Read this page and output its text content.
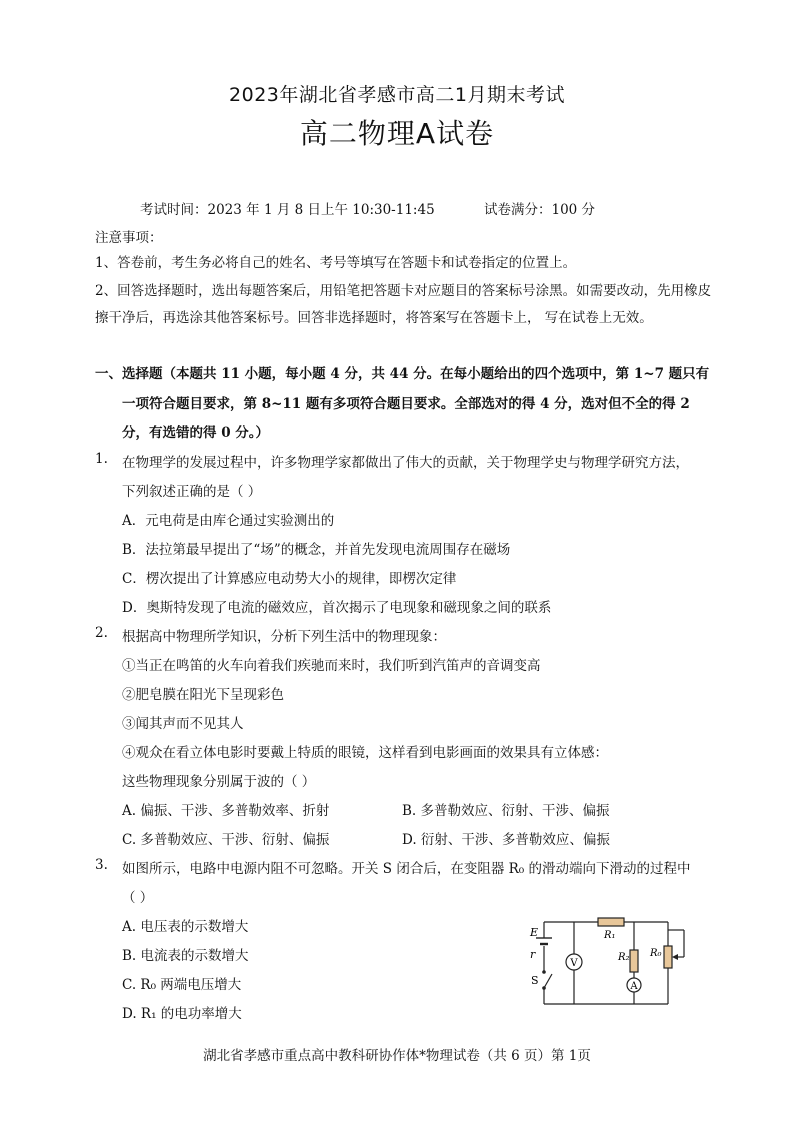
2023年湖北省孝感市高二1月期末考试
高二物理A试卷
考试时间：2023 年 1 月 8 日上午 10:30-11:45	试卷满分：100 分
注意事项：
1、答卷前，考生务必将自己的姓名、考号等填写在答题卡和试卷指定的位置上。
2、回答选择题时，选出每题答案后，用铅笔把答题卡对应题目的答案标号涂黑。如需要改动，先用橡皮
擦干净后，再选涂其他答案标号。回答非选择题时，将答案写在答题卡上， 写在试卷上无效。
一、选择题（本题共 11 小题，每小题 4 分，共 44 分。在每小题给出的四个选项中，第 1~7 题只有
一项符合题目要求，第 8~11 题有多项符合题目要求。全部选对的得 4 分，选对但不全的得 2
分，有选错的得 0 分。）
1. 在物理学的发展过程中，许多物理学家都做出了伟大的贡献，关于物理学史与物理学研究方法，
下列叙述正确的是（ ）
A．元电荷是由库仑通过实验测出的
B．法拉第最早提出了“场”的概念，并首先发现电流周围存在磁场
C．楞次提出了计算感应电动势大小的规律，即楞次定律
D．奥斯特发现了电流的磁效应，首次揭示了电现象和磁现象之间的联系
2. 根据高中物理所学知识，分析下列生活中的物理现象：
①当正在鸣笛的火车向着我们疾驰而来时，我们听到汽笛声的音调变高
②肥皂膜在阳光下呈现彩色
③闻其声而不见其人
④观众在看立体电影时要戴上特质的眼镜，这样看到电影画面的效果具有立体感：
这些物理现象分别属于波的（ ）
A. 偏振、干涉、多普勒效率、折射	B. 多普勒效应、衍射、干涉、偏振
C. 多普勒效应、干涉、衍射、偏振	D. 衍射、干涉、多普勒效应、偏振
3. 如图所示，电路中电源内阻不可忽略。开关 S 闭合后，在变阻器 R₀ 的滑动端向下滑动的过程中
（ ）
A. 电压表的示数增大
B. 电流表的示数增大
C. R₀ 两端电压增大
D. R₁ 的电功率增大
V
R₁
R₂
A
R₀
E
r
S
湖北省孝感市重点高中教科研协作体*物理试卷（共 6 页）第 1页
